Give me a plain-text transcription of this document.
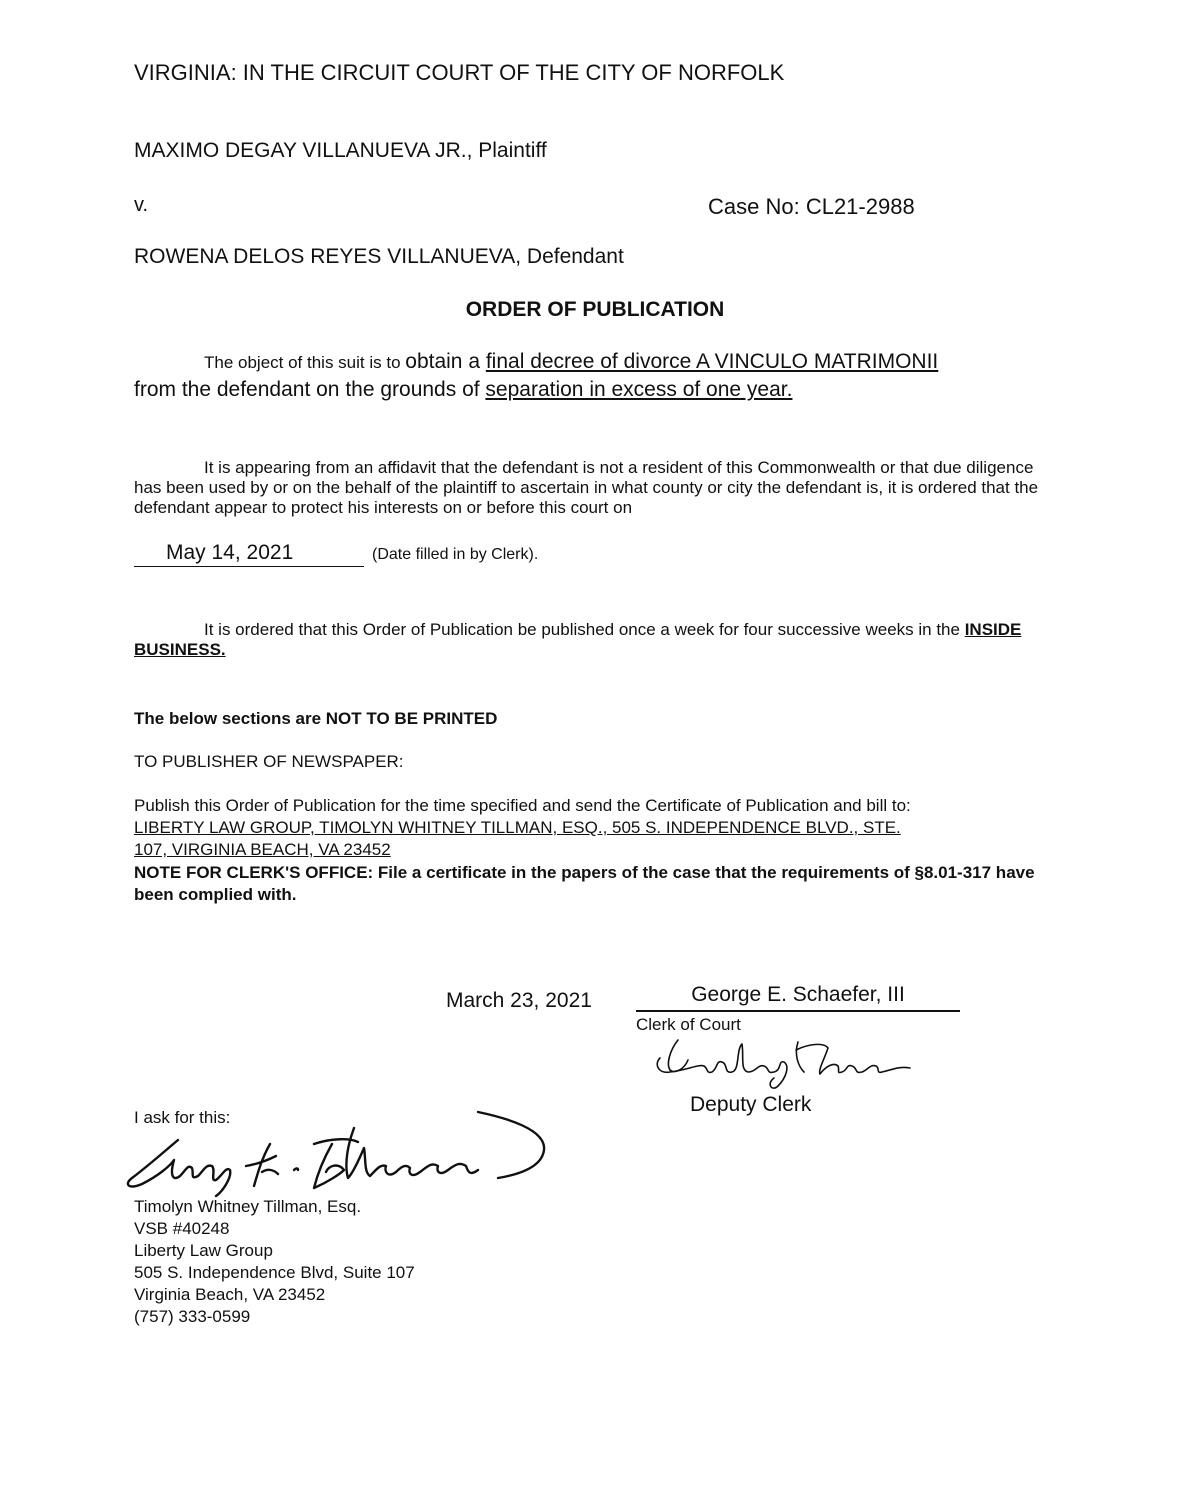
VIRGINIA: IN THE CIRCUIT COURT OF THE CITY OF NORFOLK
MAXIMO DEGAY VILLANUEVA JR., Plaintiff
v.	Case No: CL21-2988
ROWENA DELOS REYES VILLANUEVA, Defendant
ORDER OF PUBLICATION
The object of this suit is to obtain a final decree of divorce A VINCULO MATRIMONII
from the defendant on the grounds of separation in excess of one year.
It is appearing from an affidavit that the defendant is not a resident of this Commonwealth or that due diligence has been used by or on the behalf of the plaintiff to ascertain in what county or city the defendant is, it is ordered that the defendant appear to protect his interests on or before this court on
May 14, 2021	(Date filled in by Clerk).
It is ordered that this Order of Publication be published once a week for four successive weeks in the INSIDE BUSINESS.
The below sections are NOT TO BE PRINTED
TO PUBLISHER OF NEWSPAPER:
Publish this Order of Publication for the time specified and send the Certificate of Publication and bill to:
LIBERTY LAW GROUP, TIMOLYN WHITNEY TILLMAN, ESQ., 505 S. INDEPENDENCE BLVD., STE.
107, VIRGINIA BEACH, VA 23452
NOTE FOR CLERK'S OFFICE: File a certificate in the papers of the case that the requirements of §8.01-317 have been complied with.
March 23, 2021	George E. Schaefer, III
Clerk of Court
Deputy Clerk
I ask for this:
Timolyn Whitney Tillman, Esq.
VSB #40248
Liberty Law Group
505 S. Independence Blvd, Suite 107
Virginia Beach, VA 23452
(757) 333-0599
